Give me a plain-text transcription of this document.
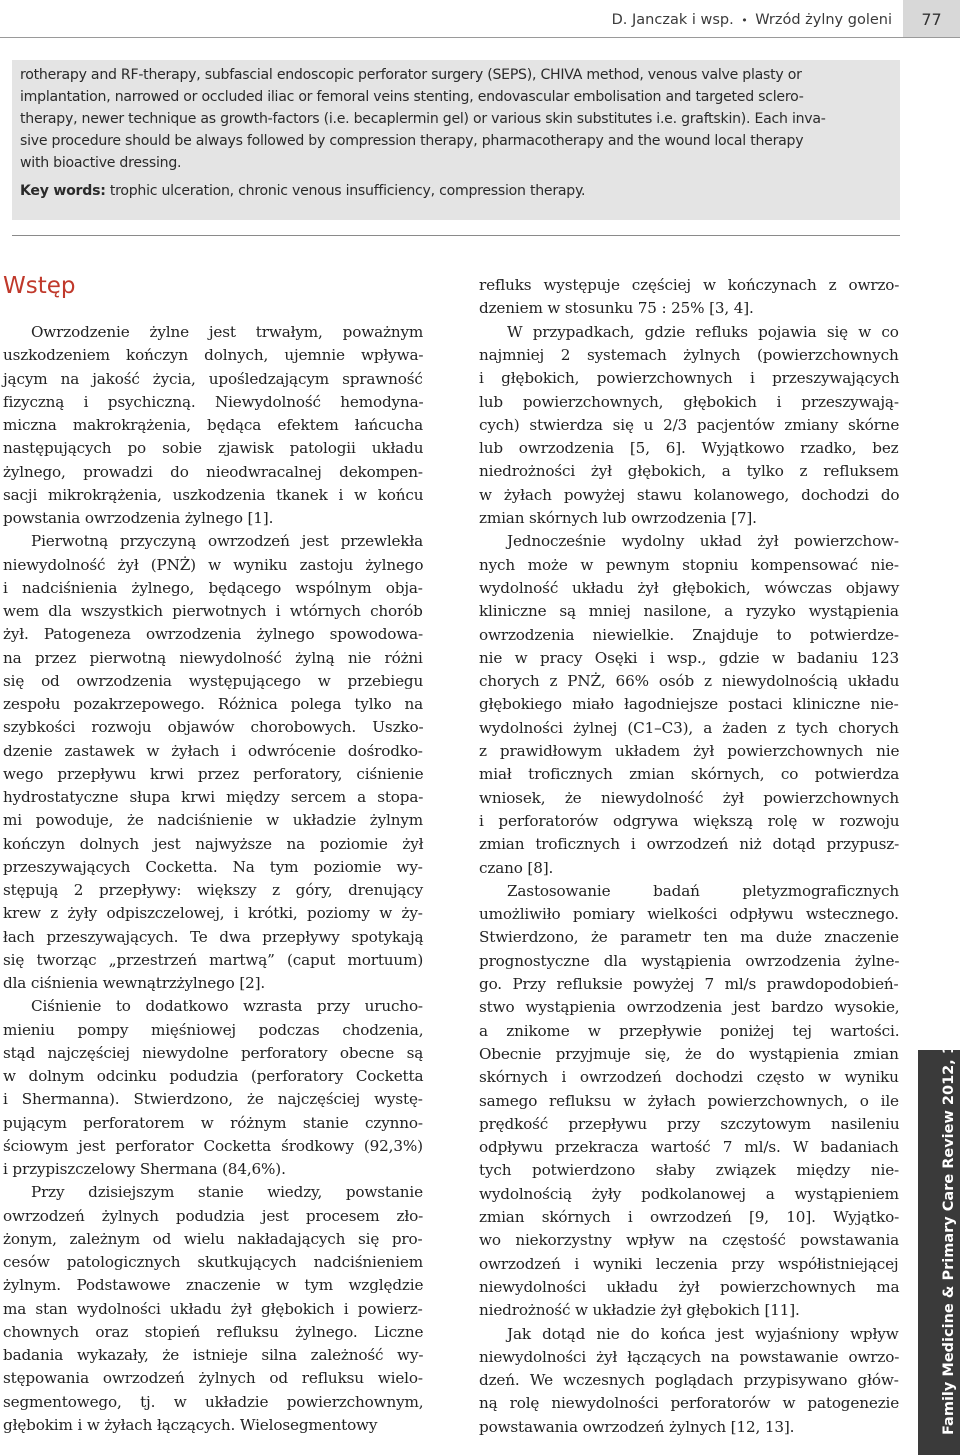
D. Janczak i wsp. • Wrzód żylny goleni	77
rotherapy and RF-therapy, subfascial endoscopic perforator surgery (SEPS), CHIVA method, venous valve plasty or
implantation, narrowed or occluded iliac or femoral veins stenting, endovascular embolisation and targeted sclero-
therapy, newer technique as growth-factors (i.e. becaplermin gel) or various skin substitutes i.e. graftskin). Each inva-
sive procedure should be always followed by compression therapy, pharmacotherapy and the wound local therapy
with bioactive dressing.
Key words: trophic ulceration, chronic venous insufficiency, compression therapy.
Wstęp
Owrzodzenie żylne jest trwałym, poważnym
uszkodzeniem kończyn dolnych, ujemnie wpływa-
jącym na jakość życia, upośledzającym sprawność
fizyczną i psychiczną. Niewydolność hemodyna-
miczna makrokrążenia, będąca efektem łańcucha
następujących po sobie zjawisk patologii układu
żylnego, prowadzi do nieodwracalnej dekompen-
sacji mikrokrążenia, uszkodzenia tkanek i w końcu
powstania owrzodzenia żylnego [1].
Pierwotną przyczyną owrzodzeń jest przewlekła
niewydolność żył (PNŻ) w wyniku zastoju żylnego
i nadciśnienia żylnego, będącego wspólnym obja-
wem dla wszystkich pierwotnych i wtórnych chorób
żył. Patogeneza owrzodzenia żylnego spowodowa-
na przez pierwotną niewydolność żylną nie różni
się od owrzodzenia występującego w przebiegu
zespołu pozakrzepowego. Różnica polega tylko na
szybkości rozwoju objawów chorobowych. Uszko-
dzenie zastawek w żyłach i odwrócenie dośrodko-
wego przepływu krwi przez perforatory, ciśnienie
hydrostatyczne słupa krwi między sercem a stopa-
mi powoduje, że nadciśnienie w układzie żylnym
kończyn dolnych jest najwyższe na poziomie żył
przeszywających Cocketta. Na tym poziomie wy-
stępują 2 przepływy: większy z góry, drenujący
krew z żyły odpiszczelowej, i krótki, poziomy w ży-
łach przeszywających. Te dwa przepływy spotykają
się tworząc „przestrzeń martwą” (caput mortuum)
dla ciśnienia wewnątrzżylnego [2].
Ciśnienie to dodatkowo wzrasta przy urucho-
mieniu pompy mięśniowej podczas chodzenia,
stąd najczęściej niewydolne perforatory obecne są
w dolnym odcinku podudzia (perforatory Cocketta
i Shermanna). Stwierdzono, że najczęściej wystę-
pującym perforatorem w różnym stanie czynno-
ściowym jest perforator Cocketta środkowy (92,3%)
i przypiszczelowy Shermana (84,6%).
Przy dzisiejszym stanie wiedzy, powstanie
owrzodzeń żylnych podudzia jest procesem zło-
żonym, zależnym od wielu nakładających się pro-
cesów patologicznych skutkujących nadciśnieniem
żylnym. Podstawowe znaczenie w tym względzie
ma stan wydolności układu żył głębokich i powierz-
chownych oraz stopień refluksu żylnego. Liczne
badania wykazały, że istnieje silna zależność wy-
stępowania owrzodzeń żylnych od refluksu wielo-
segmentowego, tj. w układzie powierzchownym,
głębokim i w żyłach łączących. Wielosegmentowy
refluks występuje częściej w kończynach z owrzo-
dzeniem w stosunku 75 : 25% [3, 4].
W przypadkach, gdzie refluks pojawia się w co
najmniej 2 systemach żylnych (powierzchownych
i głębokich, powierzchownych i przeszywających
lub powierzchownych, głębokich i przeszywają-
cych) stwierdza się u 2/3 pacjentów zmiany skórne
lub owrzodzenia [5, 6]. Wyjątkowo rzadko, bez
niedrożności żył głębokich, a tylko z refluksem
w żyłach powyżej stawu kolanowego, dochodzi do
zmian skórnych lub owrzodzenia [7].
Jednocześnie wydolny układ żył powierzchow-
nych może w pewnym stopniu kompensować nie-
wydolność układu żył głębokich, wówczas objawy
kliniczne są mniej nasilone, a ryzyko wystąpienia
owrzodzenia niewielkie. Znajduje to potwierdze-
nie w pracy Osęki i wsp., gdzie w badaniu 123
chorych z PNŻ, 66% osób z niewydolnością układu
głębokiego miało łagodniejsze postaci kliniczne nie-
wydolności żylnej (C1–C3), a żaden z tych chorych
z prawidłowym układem żył powierzchownych nie
miał troficznych zmian skórnych, co potwierdza
wniosek, że niewydolność żył powierzchownych
i perforatorów odgrywa większą rolę w rozwoju
zmian troficznych i owrzodzeń niż dotąd przypusz-
czano [8].
Zastosowanie badań pletyzmograficznych
umożliwiło pomiary wielkości odpływu wstecznego.
Stwierdzono, że parametr ten ma duże znaczenie
prognostyczne dla wystąpienia owrzodzenia żylne-
go. Przy refluksie powyżej 7 ml/s prawdopodobień-
stwo wystąpienia owrzodzenia jest bardzo wysokie,
a znikome w przepływie poniżej tej wartości.
Obecnie przyjmuje się, że do wystąpienia zmian
skórnych i owrzodzeń dochodzi często w wyniku
samego refluksu w żyłach powierzchownych, o ile
prędkość przepływu przy szczytowym nasileniu
odpływu przekracza wartość 7 ml/s. W badaniach
tych potwierdzono słaby związek między nie-
wydolnością żyły podkolanowej a wystąpieniem
zmian skórnych i owrzodzeń [9, 10]. Wyjątko-
wo niekorzystny wpływ na częstość powstawania
owrzodzeń i wyniki leczenia przy współistniejącej
niewydolności układu żył powierzchownych ma
niedrożność w układzie żył głębokich [11].
Jak dotąd nie do końca jest wyjaśniony wpływ
niewydolności żył łączących na powstawanie owrzo-
dzeń. We wczesnych poglądach przypisywano głów-
ną rolę niewydolności perforatorów w patogenezie
powstawania owrzodzeń żylnych [12, 13].	Family Medicine & Primary Care Review 2012, 14, 1
